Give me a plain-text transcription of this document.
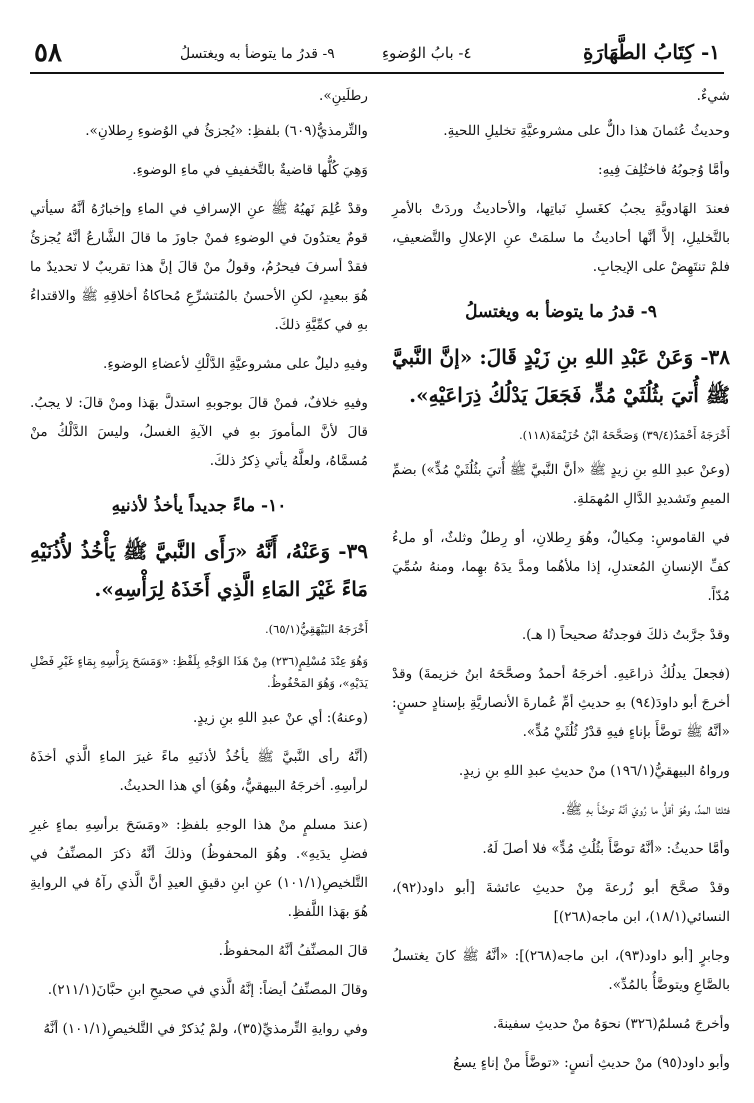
٥٨	٩- قدرُ ما يتوضأ به ويغتسلُ	٤- بابُ الوُضوءِ	١- كِتَابُ الطَّهَارَةِ

شيءٌ.

وحديثُ عُثمانَ هذا دالٌّ على مشروعيَّةِ تخليلِ اللحيةِ.

وأمَّا وُجوبُهُ فاختُلِفَ فِيهِ:

فعندَ الهَادويَّةِ يجبُ كغَسلِ نَباتِها، والأحاديثُ وردَتْ بالأمرِ بالتَّخليلِ، إلاَّ أنَّها أحاديثُ ما سلمَتْ عنِ الإعلالِ والتَّضعيفِ، فلمْ تنتَهِضْ على الإيجابِ.

٩- قدرُ ما يتوضأ به ويغتسلُ

٣٨- وَعَنْ عَبْدِ اللهِ بنِ زَيْدٍ قَالَ: «إنَّ النَّبيَّ ﷺ أُتيَ بثُلُثَيْ مُدٍّ، فَجَعَلَ يَدْلُكُ ذِرَاعَيْهِ».

أَخْرَجَهُ أَحْمَدُ(٣٩/٤) وَصَحَّحَهُ ابْنُ خُزَيْمَةَ(١١٨).

(وعنْ عبدِ اللهِ بنِ زيدٍ ﷺ «أنَّ النَّبيَّ ﷺ أُتيَ بثُلُثَيْ مُدٍّ») بضمِّ الميمِ وتَشديدِ الدَّالِ المُهمَلةِ.

في القاموسِ: مِكيالٌ، وهُوَ رِطلانِ، أو رِطلٌ وثلثٌ، أو ملءُ كفِّ الإنسانِ المُعتدلِ، إذا ملأهُما ومدَّ يدَهُ بهِما، ومنهُ سُمِّيَ مُدّاً.

وقدْ جرَّبتُ ذلكَ فوجدتُهُ صحيحاً (ا هـ).

(فجعلَ يدلُكُ ذراعَيهِ. أخرجَهُ أحمدُ وصحَّحَهُ ابنُ خزيمةَ) وقدْ أخرجَ أبو داودَ(٩٤) بهِ حديثِ أمِّ عُمارةَ الأنصاريَّةِ بإسنادٍ حسنٍ: «أنَّهُ ﷺ توضَّأَ بإناءٍ فيهِ قدْرُ ثُلُثَيْ مُدٍّ».

ورواهُ البيهقيُّ(١٩٦/١) منْ حديثِ عبدِ اللهِ بنِ زيدٍ.

فثلثا المدِّ، وهُوَ أقلُّ ما رُويَ أنَّهُ توضَّأَ بهِ ﷺ.

وأمَّا حديثُ: «أنَّهُ توضَّأَ بثُلُثِ مُدٍّ» فلا أصلَ لَهُ.

وقدْ صحَّحَ أبو زُرعةَ مِنْ حديثِ عائشةَ [أبو داود(٩٢)، النسائي(١٨/١)، ابن ماجه(٢٦٨)]

وجابرٍ [أبو داود(٩٣)، ابن ماجه(٢٦٨)]: «أنَّهُ ﷺ كانَ يغتسلُ بالصَّاعِ ويتوضَّأُ بالمُدِّ».

وأخرجَ مُسلمٌ(٣٢٦) نحوَهُ منْ حديثِ سفينةَ.

وأبو داود(٩٥) منْ حديثِ أنسٍ: «توضَّأَ منْ إناءٍ يسعُ

رطلَينِ».

والتِّرمذيُّ(٦٠٩) بلفظِ: «يُجزئُ في الوُضوءِ رِطلانِ».

وَهِيَ كُلُّها قاضيةٌ بالتَّخفيفِ في ماءِ الوضوءِ.

وقدْ عُلِمَ نَهيُهُ ﷺ عنِ الإسرافِ في الماءِ وإخبارُهُ أنَّهُ سيأتي قومٌ يعتدُونَ في الوضوءِ فمنْ جاوزَ ما قالَ الشَّارعُ أنَّهُ يُجزئُ فقدْ أسرفَ فيحرُمُ، وقولُ منْ قالَ إنَّ هذا تقريبٌ لا تحديدٌ ما هُوَ ببعيدٍ، لكنِ الأحسنُ بالمُتشرِّعِ مُحاكاةُ أخلاقِهِ ﷺ والاقتداءُ بهِ في كمِّيَّةِ ذلكَ.

وفيهِ دليلٌ على مشروعيَّةِ الدَّلْكِ لأعضاءِ الوضوءِ.

وفيهِ خلافٌ، فمنْ قالَ بوجوبهِ استدلَّ بهَذا ومنْ قالَ: لا يجبُ. قالَ لأنَّ المأمورَ بهِ في الآيةِ الغسلُ، وليسَ الدَّلْكُ منْ مُسمَّاهُ، ولعلَّهُ يأتي ذِكرُ ذلكَ.

١٠- ماءً جديداً يأخذُ لأذنيهِ

٣٩- وَعَنْهُ، أَنَّهُ «رَأَى النَّبيَّ ﷺ يَأْخُذُ لأُذُنَيْهِ مَاءً غَيْرَ المَاءِ الَّذِي أَخَذَهُ لِرَأْسِهِ».

أَخْرَجَهُ البَيْهَقِيُّ(٦٥/١).

وَهُوَ عِنْدَ مُسْلِمٍ(٢٣٦) مِنْ هَذَا الوَجْهِ بِلَفْظِ: «وَمَسَحَ بِرَأْسِهِ بِمَاءٍ غَيْرِ فَضْلِ يَدَيْهِ»، وَهُوَ المَحْفُوظُ.

(وعنهُ): أي عنْ عبدِ اللهِ بنِ زيدٍ.

(أنَّهُ رأى النَّبيَّ ﷺ يأخُذُ لأذنَيهِ ماءً غيرَ الماءِ الَّذي أخذَهُ لرأسِهِ. أخرجَهُ البيهقيُّ، وهُوَ) أي هذا الحديثُ.

(عندَ مسلمٍ منْ هذا الوجهِ بلفظِ: «ومَسَحَ برأسِهِ بماءٍ غيرِ فضلِ يدَيهِ». وهُوَ المحفوظُ) وذلكَ أنَّهُ ذكرَ المصنِّفُ في التَّلخيصِ(١٠١/١) عنِ ابنِ دقيقِ العيدِ أنَّ الَّذي رآهُ في الروايةِ هُوَ بهَذا اللَّفظِ.

قالَ المصنِّفُ أنَّهُ المحفوظُ.

وقالَ المصنِّفُ أيضاً: إنَّهُ الَّذي في صحيحِ ابنِ حبَّانَ(٢١١/١).

وفي روايةِ التِّرمذيِّ(٣٥)، ولمْ يُذكرْ في التَّلخيصِ(١٠١/١) أنَّهُ
